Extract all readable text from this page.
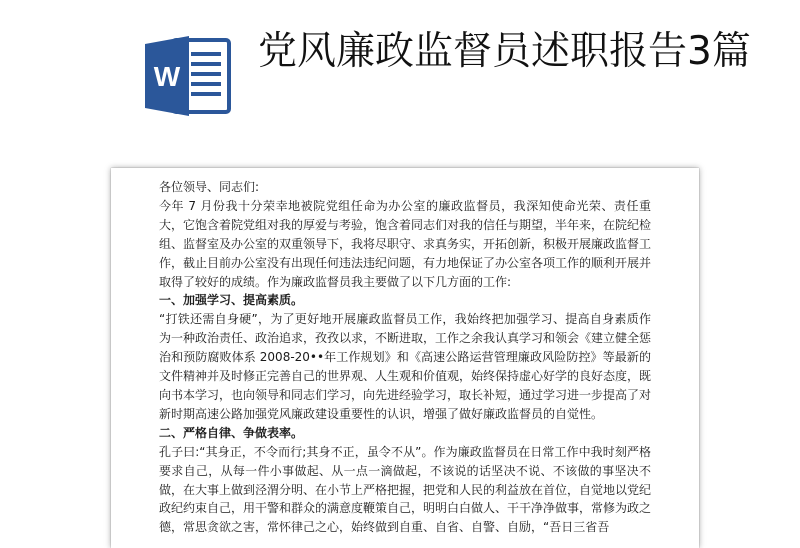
W
党风廉政监督员述职报告3篇

各位领导、同志们:

今年 7 月份我十分荣幸地被院党组任命为办公室的廉政监督员，我深知使命光荣、责任重大，它饱含着院党组对我的厚爱与考验，饱含着同志们对我的信任与期望，半年来，在院纪检组、监督室及办公室的双重领导下，我将尽职守、求真务实，开拓创新，积极开展廉政监督工作，截止目前办公室没有出现任何违法违纪问题，有力地保证了办公室各项工作的顺利开展并取得了较好的成绩。作为廉政监督员我主要做了以下几方面的工作:

一、加强学习、提高素质。

“打铁还需自身硬”，为了更好地开展廉政监督员工作，我始终把加强学习、提高自身素质作为一种政治责任、政治追求，孜孜以求，不断进取，工作之余我认真学习和领会《建立健全惩治和预防腐败体系 2008-20••年工作规划》和《高速公路运营管理廉政风险防控》等最新的文件精神并及时修正完善自己的世界观、人生观和价值观，始终保持虚心好学的良好态度，既向书本学习，也向领导和同志们学习，向先进经验学习，取长补短，通过学习进一步提高了对新时期高速公路加强党风廉政建设重要性的认识，增强了做好廉政监督员的自觉性。

二、严格自律、争做表率。

孔子曰:“其身正，不令而行;其身不正，虽令不从”。作为廉政监督员在日常工作中我时刻严格要求自己，从每一件小事做起、从一点一滴做起，不该说的话坚决不说、不该做的事坚决不做，在大事上做到泾渭分明、在小节上严格把握，把党和人民的利益放在首位，自觉地以党纪政纪约束自己，用干警和群众的满意度鞭策自己，明明白白做人、干干净净做事，常修为政之德，常思贪欲之害，常怀律己之心，始终做到自重、自省、自警、自励，“吾日三省吾
